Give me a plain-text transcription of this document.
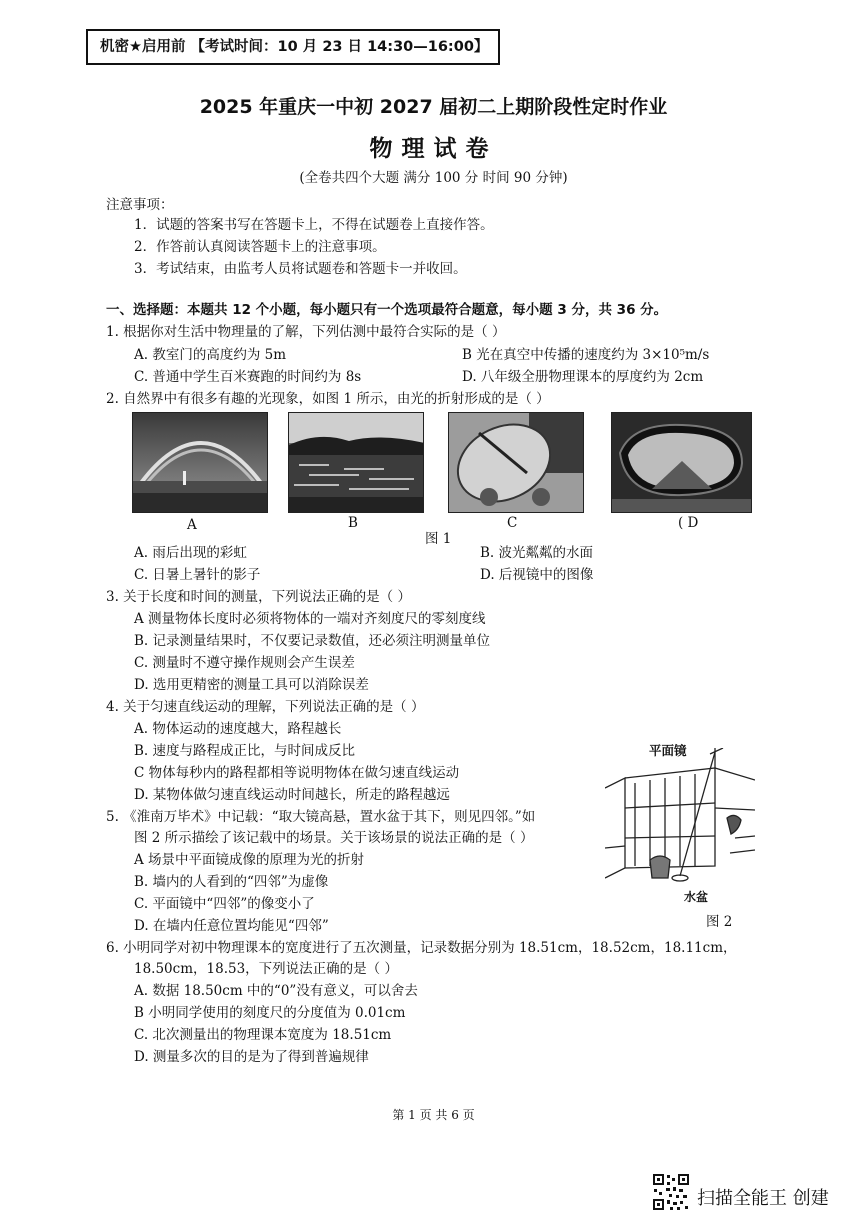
机密★启用前 【考试时间：10 月 23 日 14:30—16:00】
2025 年重庆一中初 2027 届初二上期阶段性定时作业
物理试卷
(全卷共四个大题 满分 100 分 时间 90 分钟)
注意事项：
1．试题的答案书写在答题卡上，不得在试题卷上直接作答。
2．作答前认真阅读答题卡上的注意事项。
3．考试结束，由监考人员将试题卷和答题卡一并收回。
一、选择题：本题共 12 个小题，每小题只有一个选项最符合题意，每小题 3 分，共 36 分。
1. 根据你对生活中物理量的了解，下列估测中最符合实际的是（ ）
A. 教室门的高度约为 5m	B 光在真空中传播的速度约为 3×10⁵m/s
C. 普通中学生百米赛跑的时间约为 8s	D. 八年级全册物理课本的厚度约为 2cm
2. 自然界中有很多有趣的光现象，如图 1 所示，由光的折射形成的是（ ）
A	B	C	( D
图 1
A. 雨后出现的彩虹	B. 波光粼粼的水面
C. 日暑上暑针的影子	D. 后视镜中的图像
3. 关于长度和时间的测量，下列说法正确的是（ ）
A 测量物体长度时必须将物体的一端对齐刻度尺的零刻度线
B. 记录测量结果时，不仅要记录数值，还必须注明测量单位
C. 测量时不遵守操作规则会产生误差
D. 选用更精密的测量工具可以消除误差
4. 关于匀速直线运动的理解，下列说法正确的是（ ）
A. 物体运动的速度越大，路程越长
B. 速度与路程成正比，与时间成反比
C 物体每秒内的路程都相等说明物体在做匀速直线运动
D. 某物体做匀速直线运动时间越长，所走的路程越远
平面镜
水盆
图 2
5. 《淮南万毕术》中记载：“取大镜高悬，置水盆于其下，则见四邻。”如
图 2 所示描绘了该记载中的场景。关于该场景的说法正确的是（ ）
A 场景中平面镜成像的原理为光的折射
B. 墙内的人看到的“四邻”为虚像
C. 平面镜中“四邻”的像变小了
D. 在墙内任意位置均能见“四邻”
6. 小明同学对初中物理课本的宽度进行了五次测量，记录数据分别为 18.51cm，18.52cm，18.11cm，
18.50cm，18.53，下列说法正确的是（ ）
A. 数据 18.50cm 中的“0”没有意义，可以舍去
B 小明同学使用的刻度尺的分度值为 0.01cm
C. 北次测量出的物理课本宽度为 18.51cm
D. 测量多次的目的是为了得到普遍规律
第 1 页 共 6 页
扫描全能王 创建
